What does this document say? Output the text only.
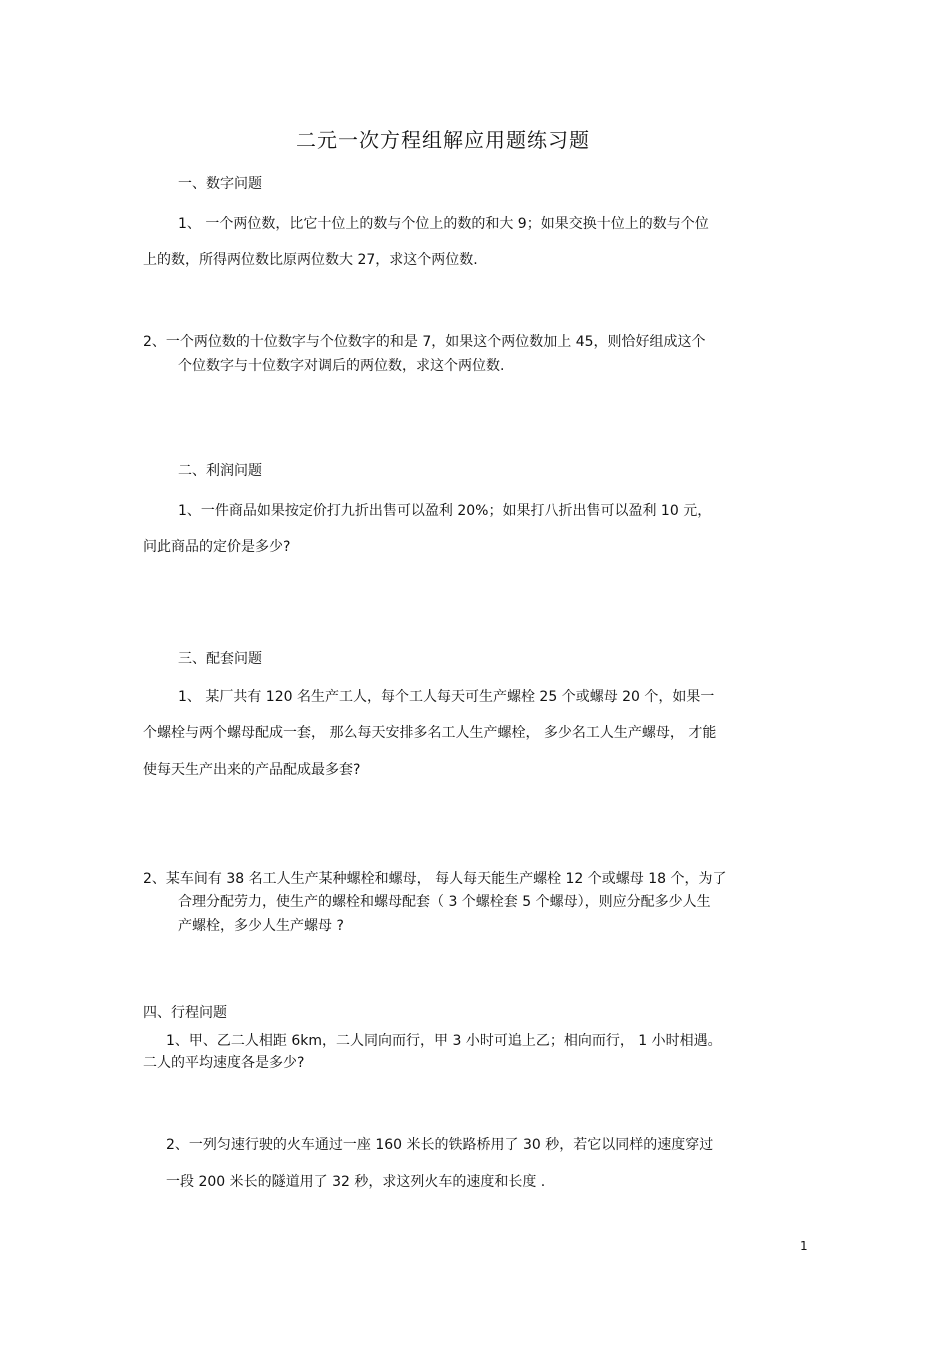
二元一次方程组解应用题练习题
一、数字问题
1、 一个两位数，比它十位上的数与个位上的数的和大 9；如果交换十位上的数与个位
上的数，所得两位数比原两位数大 27，求这个两位数.
2、一个两位数的十位数字与个位数字的和是 7，如果这个两位数加上 45，则恰好组成这个
个位数字与十位数字对调后的两位数，求这个两位数.
二、利润问题
1、一件商品如果按定价打九折出售可以盈利 20%；如果打八折出售可以盈利 10 元，
问此商品的定价是多少?
三、配套问题
1、 某厂共有 120 名生产工人，每个工人每天可生产螺栓 25 个或螺母 20 个，如果一
个螺栓与两个螺母配成一套， 那么每天安排多名工人生产螺栓， 多少名工人生产螺母， 才能
使每天生产出来的产品配成最多套?
2、某车间有 38 名工人生产某种螺栓和螺母， 每人每天能生产螺栓 12 个或螺母 18 个，为了
合理分配劳力，使生产的螺栓和螺母配套（ 3 个螺栓套 5 个螺母），则应分配多少人生
产螺栓，多少人生产螺母 ?
四、行程问题
1、甲、乙二人相距 6km，二人同向而行，甲 3 小时可追上乙；相向而行， 1 小时相遇。
二人的平均速度各是多少?
2、一列匀速行驶的火车通过一座 160 米长的铁路桥用了 30 秒，若它以同样的速度穿过
一段 200 米长的隧道用了 32 秒，求这列火车的速度和长度 .
1
